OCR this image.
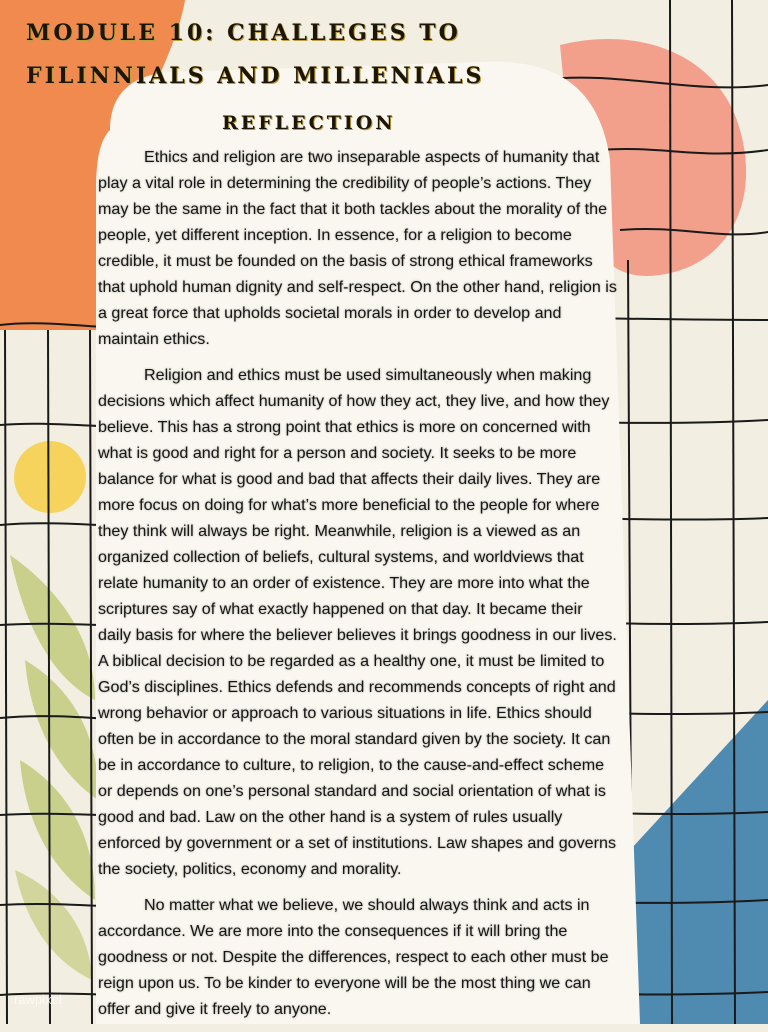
MODULE 10: CHALLEGES TO
FILINNIALS AND MILLENIALS
REFLECTION

Ethics and religion are two inseparable aspects of humanity that play a vital role in determining the credibility of people’s actions. They may be the same in the fact that it both tackles about the morality of the people, yet different inception. In essence, for a religion to become credible, it must be founded on the basis of strong ethical frameworks that uphold human dignity and self-respect. On the other hand, religion is a great force that upholds societal morals in order to develop and maintain ethics.

Religion and ethics must be used simultaneously when making decisions which affect humanity of how they act, they live, and how they believe. This has a strong point that ethics is more on concerned with what is good and right for a person and society. It seeks to be more balance for what is good and bad that affects their daily lives. They are more focus on doing for what’s more beneficial to the people for where they think will always be right. Meanwhile, religion is a viewed as an organized collection of beliefs, cultural systems, and worldviews that relate humanity to an order of existence. They are more into what the scriptures say of what exactly happened on that day. It became their daily basis for where the believer believes it brings goodness in our lives. A biblical decision to be regarded as a healthy one, it must be limited to God’s disciplines. Ethics defends and recommends concepts of right and wrong behavior or approach to various situations in life. Ethics should often be in accordance to the moral standard given by the society. It can be in accordance to culture, to religion, to the cause-and-effect scheme or depends on one’s personal standard and social orientation of what is good and bad. Law on the other hand is a system of rules usually enforced by government or a set of institutions. Law shapes and governs the society, politics, economy and morality.

No matter what we believe, we should always think and acts in accordance. We are more into the consequences if it will bring the goodness or not. Despite the differences, respect to each other must be reign upon us. To be kinder to everyone will be the most thing we can offer and give it freely to anyone.

rawpixel
